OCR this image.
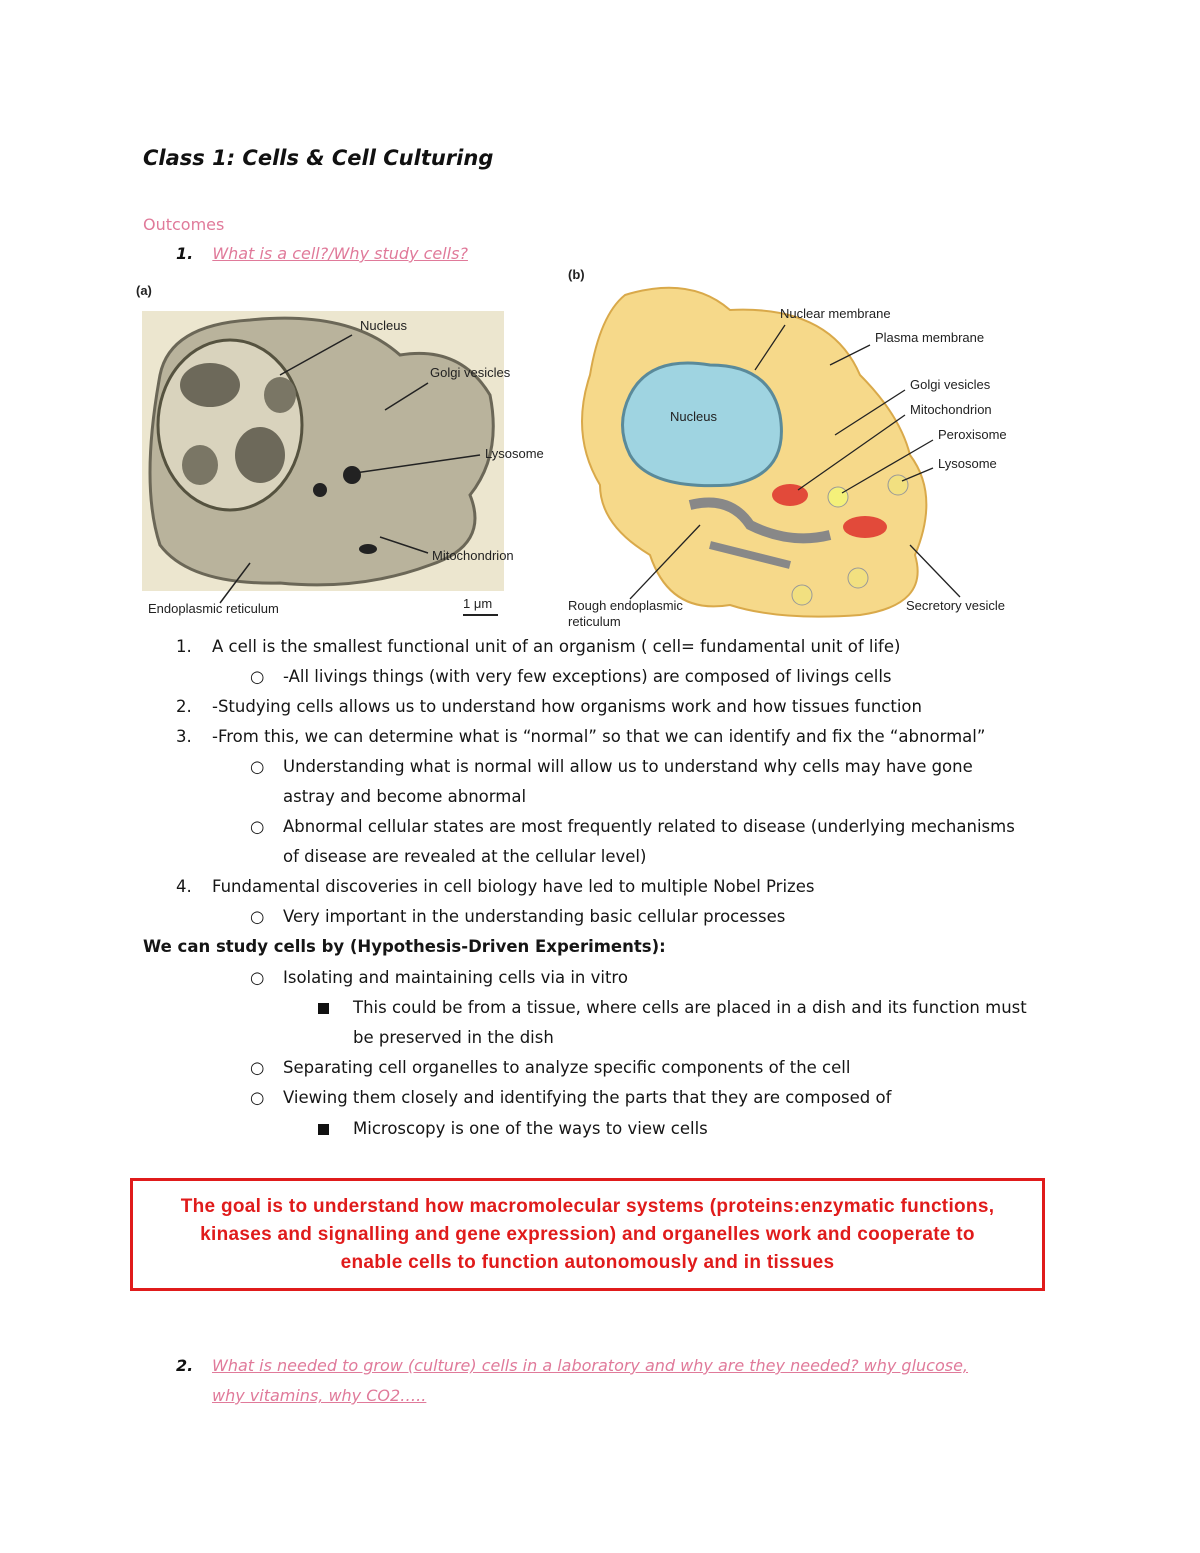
Class 1: Cells & Cell Culturing
Outcomes
1. What is a cell?/Why study cells?
(a)
Nucleus
Golgi vesicles
Lysosome
Mitochondrion
Endoplasmic reticulum	1 μm
(b)
Nucleus
Nuclear membrane
Plasma membrane
Golgi vesicles
Mitochondrion
Peroxisome
Lysosome
Rough endoplasmic
reticulum
Secretory vesicle
1. A cell is the smallest functional unit of an organism ( cell= fundamental unit of life)
○ -All livings things (with very few exceptions) are composed of livings cells
2. -Studying cells allows us to understand how organisms work and how tissues function
3. -From this, we can determine what is “normal” so that we can identify and fix the “abnormal”
○ Understanding what is normal will allow us to understand why cells may have gone
astray and become abnormal
○ Abnormal cellular states are most frequently related to disease (underlying mechanisms
of disease are revealed at the cellular level)
4. Fundamental discoveries in cell biology have led to multiple Nobel Prizes
○ Very important in the understanding basic cellular processes
We can study cells by (Hypothesis-Driven Experiments):
○ Isolating and maintaining cells via in vitro
This could be from a tissue, where cells are placed in a dish and its function must
be preserved in the dish
○ Separating cell organelles to analyze specific components of the cell
○ Viewing them closely and identifying the parts that they are composed of
Microscopy is one of the ways to view cells
The goal is to understand how macromolecular systems (proteins:enzymatic functions,
kinases and signalling and gene expression) and organelles work and cooperate to
enable cells to function autonomously and in tissues
2. What is needed to grow (culture) cells in a laboratory and why are they needed? why glucose,
why vitamins, why CO2…..
